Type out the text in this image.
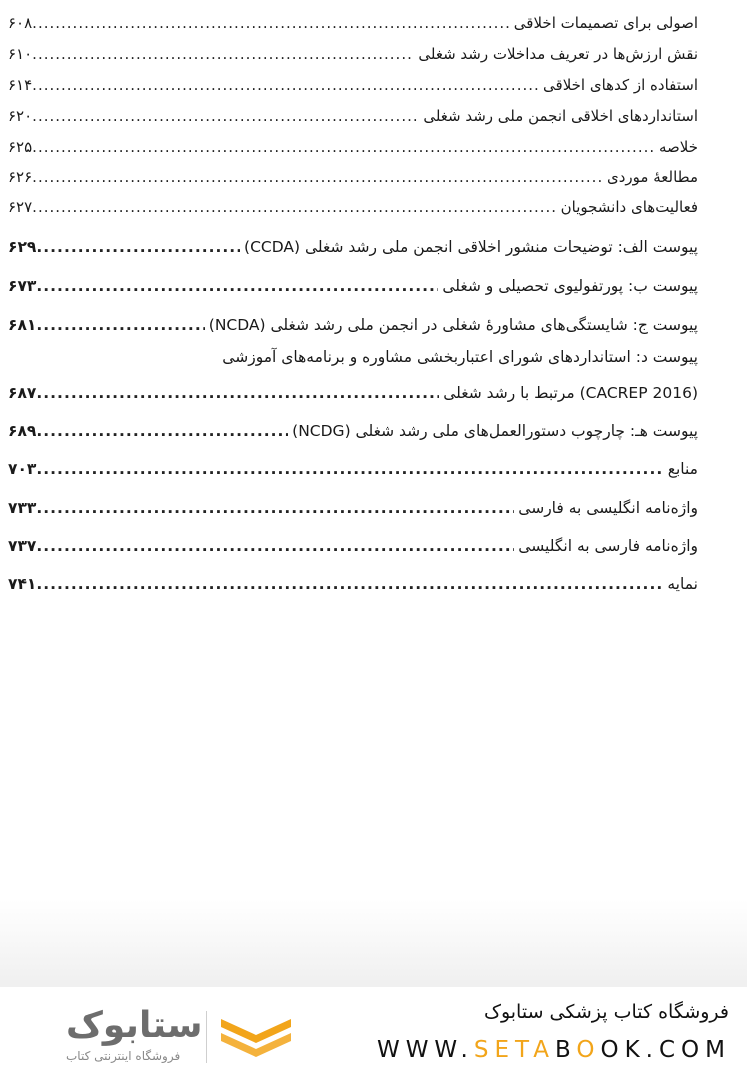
اصولی برای تصمیمات اخلاقی
.....
۶۰۸
نقش ارزش‌ها در تعریف مداخلات رشد شغلی
.....
۶۱۰
استفاده از کدهای اخلاقی
.....
۶۱۴
استانداردهای اخلاقی انجمن ملی رشد شغلی
.....
۶۲۰
خلاصه
.....
۶۲۵
مطالعهٔ موردی
.....
۶۲۶
فعالیت‌های دانشجویان
.....
۶۲۷
پیوست الف: توضیحات منشور اخلاقی انجمن ملی رشد شغلی (CCDA)
.....
۶۲۹
پیوست ب: پورتفولیوی تحصیلی و شغلی
.....
۶۷۳
پیوست ج: شایستگی‌های مشاورهٔ شغلی در انجمن ملی رشد شغلی (NCDA)
.....
۶۸۱
پیوست د: استانداردهای شورای اعتباربخشی مشاوره و برنامه‌های آموزشی
(CACREP 2016) مرتبط با رشد شغلی
.....
۶۸۷
پیوست هـ: چارچوب دستورالعمل‌های ملی رشد شغلی (NCDG)
.....
۶۸۹
منابع
.....
۷۰۳
واژه‌نامه انگلیسی به فارسی
.....
۷۳۳
واژه‌نامه فارسی به انگلیسی
.....
۷۳۷
نمایه
.....
۷۴۱
ستابوک
فروشگاه اینترنتی کتاب
فروشگاه کتاب پزشکی ستابوک
WWW.SETABOOK.COM
